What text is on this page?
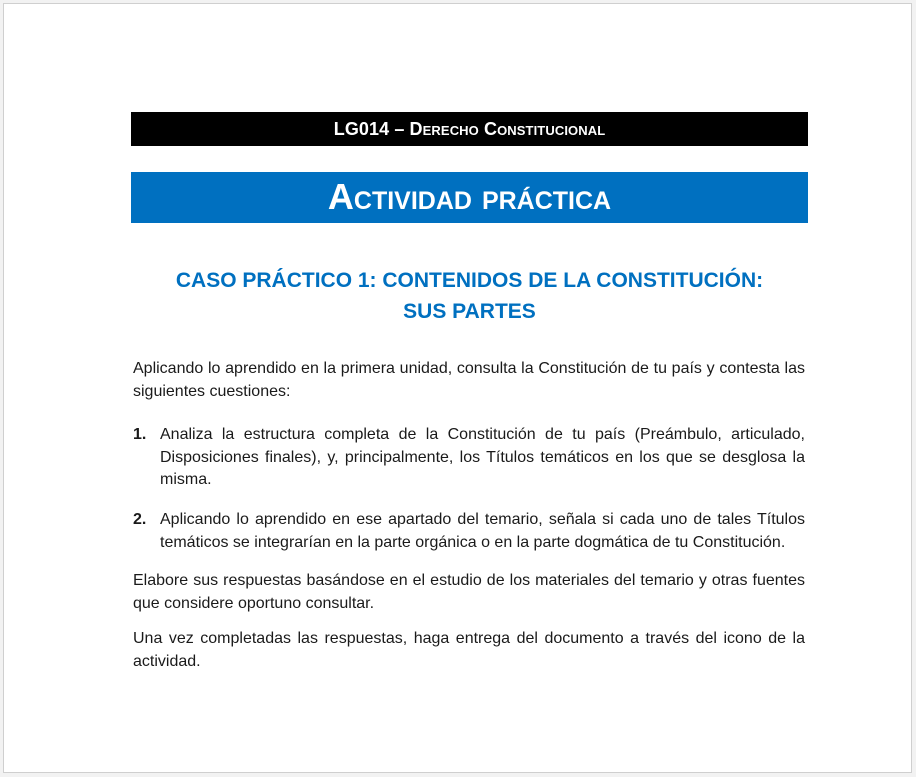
LG014 – Derecho Constitucional
Actividad práctica
CASO PRÁCTICO 1: CONTENIDOS DE LA CONSTITUCIÓN:
SUS PARTES
Aplicando lo aprendido en la primera unidad, consulta la Constitución de tu país y contesta las siguientes cuestiones:
1. Analiza la estructura completa de la Constitución de tu país (Preámbulo, articulado, Disposiciones finales), y, principalmente, los Títulos temáticos en los que se desglosa la misma.
2. Aplicando lo aprendido en ese apartado del temario, señala si cada uno de tales Títulos temáticos se integrarían en la parte orgánica o en la parte dogmática de tu Constitución.
Elabore sus respuestas basándose en el estudio de los materiales del temario y otras fuentes que considere oportuno consultar.
Una vez completadas las respuestas, haga entrega del documento a través del icono de la actividad.
